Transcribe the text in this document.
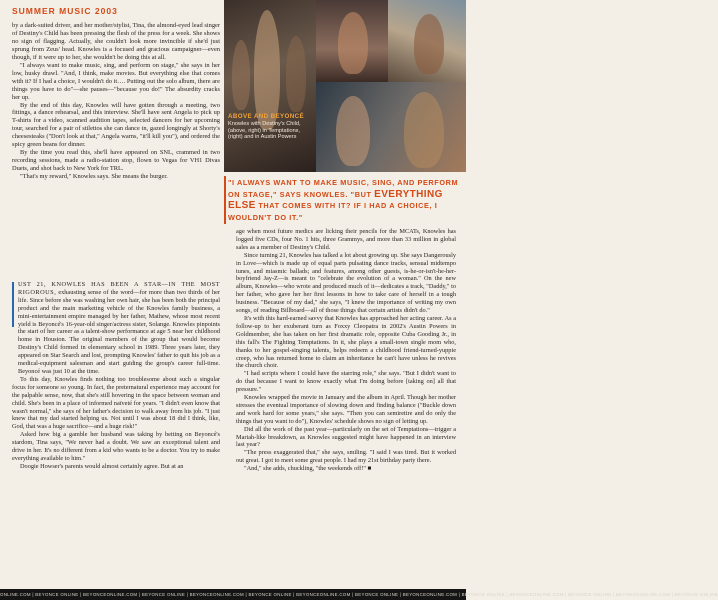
SUMMER MUSIC 2003

by a dark-suited driver, and her mother/stylist, Tina, the almond-eyed lead singer of Destiny's Child has been pressing the flesh of the press for a week. She shows no sign of flagging. Actually, she couldn't look more invincible if she'd just sprung from Zeus' head. Knowles is a focused and gracious campaigner—even though, if it were up to her, she wouldn't be doing this at all.

"I always want to make music, sing, and perform on stage," she says in her low, husky drawl. "And, I think, make movies. But everything else that comes with it? If I had a choice, I wouldn't do it…. Putting out the solo album, there are things you have to do"—she pauses—"because you do!" The absurdity cracks her up.

By the end of this day, Knowles will have gotten through a meeting, two fittings, a dance rehearsal, and this interview. She'll have sent Angela to pick up T-shirts for a video, scanned audition tapes, selected dancers for her upcoming tour, searched for a pair of stilettos she can dance in, gazed longingly at Shorty's cheesesteaks ("Don't look at that," Angela warns, "it'll kill you"), and ordered the spicy green beans for dinner.

By the time you read this, she'll have appeared on SNL, crammed in two recording sessions, made a radio-station stop, flown to Vegas for VH1 Divas Duets, and shot back to New York for TRL.

"That's my reward," Knowles says. She means the burger.

ABOVE AND BEYONCÉ
Knowles with Destiny's Child, (above, right) in Temptations, (right) and in Austin Powers
"I ALWAYS WANT TO MAKE MUSIC, SING, AND PERFORM ON STAGE," SAYS KNOWLES. "BUT EVERYTHING ELSE THAT COMES WITH IT? IF I HAD A CHOICE, I WOULDN'T DO IT."

UST 21, KNOWLES HAS BEEN A STAR—IN THE MOST RIGOROUS, exhausting sense of the word—for more than two thirds of her life. Since before she was washing her own hair, she has been both the principal product and the main marketing vehicle of the Knowles family business, a mini-entertainment empire managed by her father, Mathew, whose most recent yield is Beyoncé's 16-year-old singer/actress sister, Solange. Knowles pinpoints the start of her career as a talent-show performance at age 5 near her childhood home in Houston. The original members of the group that would become Destiny's Child formed in elementary school in 1989. Three years later, they appeared on Star Search and lost, prompting Knowles' father to quit his job as a medical-equipment salesman and start guiding the group's career full-time. Beyoncé was just 10 at the time.

To this day, Knowles finds nothing too troublesome about such a singular focus for someone so young. In fact, the preternatural experience may account for the palpable sense, now, that she's still hovering in the space between woman and child. She's been in a place of informed naïveté for years. "I didn't even know that wasn't normal," she says of her father's decision to walk away from his job. "I just knew that my dad started helping us. Not until I was about 18 did I think, like, God, that was a huge sacrifice—and a huge risk!"

Asked how big a gamble her husband was taking by betting on Beyoncé's stardom, Tina says, "We never had a doubt. We saw an exceptional talent and drive in her. It's no different from a kid who wants to be a doctor. You try to make everything available to him."

Doogie Howser's parents would almost certainly agree. But at an

age when most future medics are licking their pencils for the MCATs, Knowles has logged five CDs, four No. 1 hits, three Grammys, and more than 33 million in global sales as a member of Destiny's Child.

Since turning 21, Knowles has talked a lot about growing up. She says Dangerously in Love—which is made up of equal parts pulsating dance tracks, sensual midtempo tunes, and miasmic ballads; and features, among other guests, is-he-or-isn't-he-her-boyfriend Jay-Z—is meant to "celebrate the evolution of a woman." On the new album, Knowles—who wrote and produced much of it—dedicates a track, "Daddy," to her father, who gave her her first lessons in how to take care of herself in a tough business. "Because of my dad," she says, "I knew the importance of writing my own songs, of reading Billboard—all of those things that certain artists didn't do."

It's with this hard-earned savvy that Knowles has approached her acting career. As a follow-up to her exuberant turn as Foxxy Cleopatra in 2002's Austin Powers in Goldmember, she has taken on her first dramatic role, opposite Cuba Gooding Jr., in this fall's The Fighting Temptations. In it, she plays a small-town single mom who, thanks to her gospel-singing talents, helps redeem a childhood friend-turned-yuppie creep, who has returned home to claim an inheritance he can't have unless he revives the church choir.

"I had scripts where I could have the starring role," she says. "But I didn't want to do that because I want to know exactly what I'm doing before [taking on] all that pressure."

Knowles wrapped the movie in January and the album in April. Though her mother stresses the eventual importance of slowing down and finding balance ("Buckle down and work hard for some years," she says. "Then you can semiretire and do only the things that you want to do"), Knowles' schedule shows no sign of letting up.

Did all the work of the past year—particularly on the set of Temptations—trigger a Mariah-like breakdown, as Knowles suggested might have happened in an interview last year?

"The press exaggerated that," she says, smiling. "I said I was tired. But it worked out great. I got to meet some great people. I had my 21st birthday party there.

"And," she adds, chuckling, "the weekends off!" ■

ONLINE.COM | BEYONCE ONLINE | BEYONCEONLINE.COM | BEYONCE ONLINE | BEYONCEONLINE.COM | BEYONCE ONLINE | BEYONCEONLINE.COM | BEYONCE ONLINE | BEYONCEONLINE.COM | BEYONCE ONLINE | BEYONCEONLINE.COM | BEYONCE ONLINE | BEYONCEONLINE.COM | BEYONCE ONLINE
